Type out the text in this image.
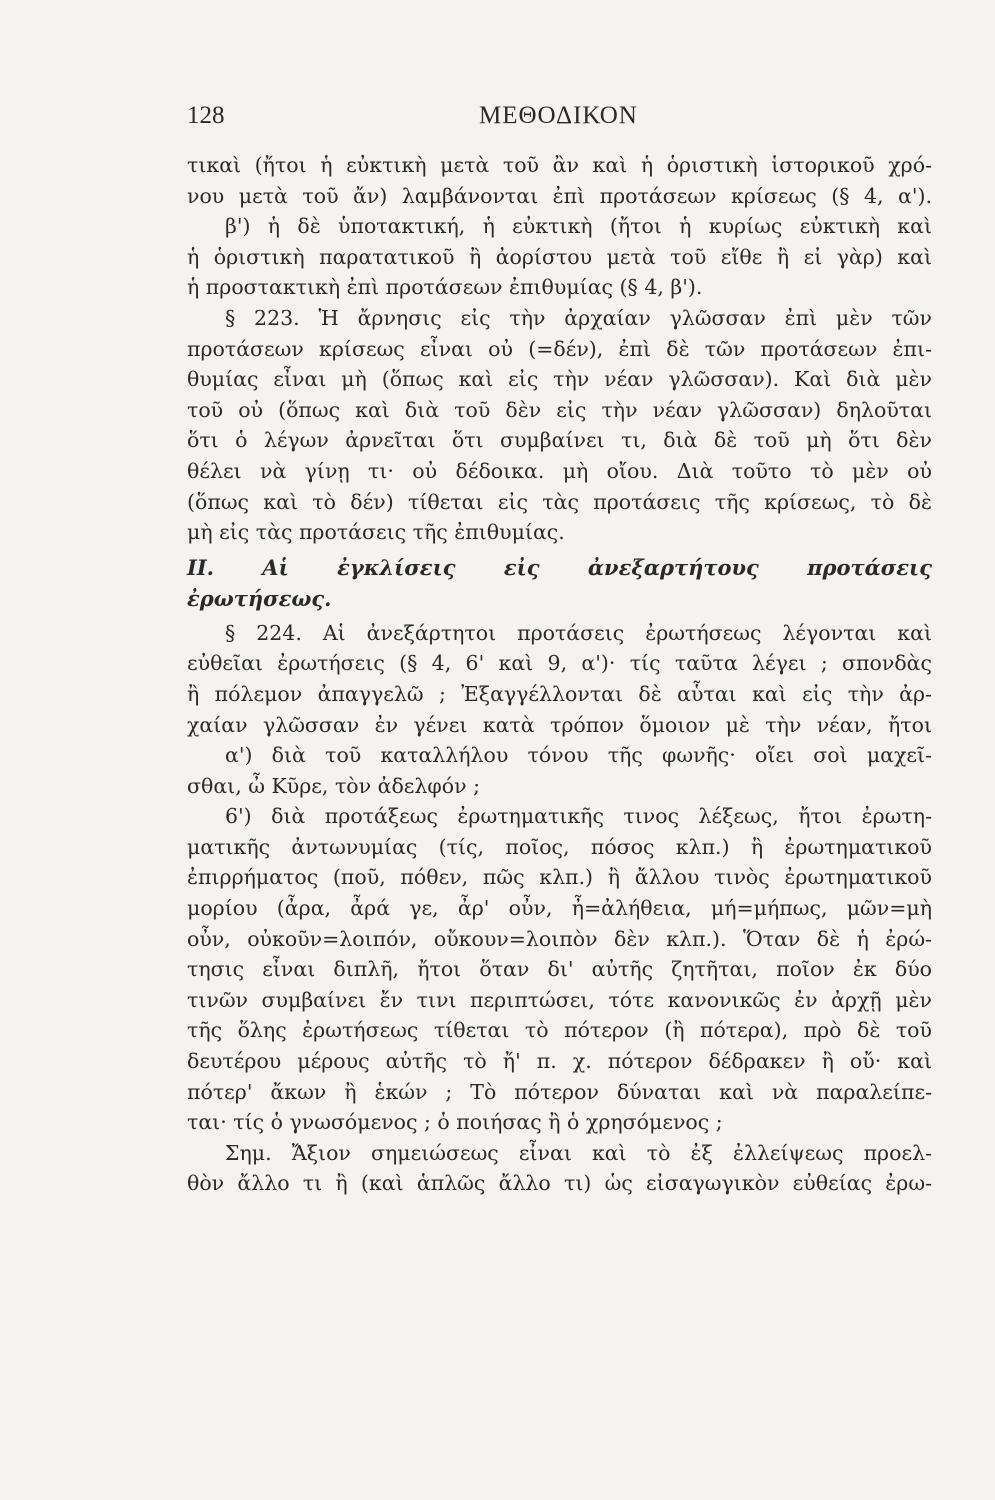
128	ΜΕΘΟΔΙΚΟΝ
τικαὶ (ἤτοι ἡ εὐκτικὴ μετὰ τοῦ ἂν καὶ ἡ ὁριστικὴ ἱστορικοῦ χρό-
νου μετὰ τοῦ ἄν) λαμβάνονται ἐπὶ προτάσεων κρίσεως (§ 4, α').
β') ἡ δὲ ὑποτακτική, ἡ εὐκτικὴ (ἤτοι ἡ κυρίως εὐκτικὴ καὶ
ἡ ὁριστικὴ παρατατικοῦ ἢ ἀορίστου μετὰ τοῦ εἴθε ἢ εἰ γὰρ) καὶ
ἡ προστακτικὴ ἐπὶ προτάσεων ἐπιθυμίας (§ 4, β').
§ 223. Ἡ ἄρνησις εἰς τὴν ἀρχαίαν γλῶσσαν ἐπὶ μὲν τῶν
προτάσεων κρίσεως εἶναι οὐ (=δέν), ἐπὶ δὲ τῶν προτάσεων ἐπι-
θυμίας εἶναι μὴ (ὅπως καὶ εἰς τὴν νέαν γλῶσσαν). Καὶ διὰ μὲν
τοῦ οὐ (ὅπως καὶ διὰ τοῦ δὲν εἰς τὴν νέαν γλῶσσαν) δηλοῦται
ὅτι ὁ λέγων ἀρνεῖται ὅτι συμβαίνει τι, διὰ δὲ τοῦ μὴ ὅτι δὲν
θέλει νὰ γίνῃ τι· οὐ δέδοικα. μὴ οἴου. Διὰ τοῦτο τὸ μὲν οὐ
(ὅπως καὶ τὸ δέν) τίθεται εἰς τὰς προτάσεις τῆς κρίσεως, τὸ δὲ
μὴ εἰς τὰς προτάσεις τῆς ἐπιθυμίας.
ΙΙ. Αἱ ἐγκλίσεις εἰς ἀνεξαρτήτους προτάσεις
ἐρωτήσεως.
§ 224. Αἱ ἀνεξάρτητοι προτάσεις ἐρωτήσεως λέγονται καὶ
εὐθεῖαι ἐρωτήσεις (§ 4, 6' καὶ 9, α')· τίς ταῦτα λέγει ; σπονδὰς
ἢ πόλεμον ἀπαγγελῶ ; Ἐξαγγέλλονται δὲ αὗται καὶ εἰς τὴν ἀρ-
χαίαν γλῶσσαν ἐν γένει κατὰ τρόπον ὅμοιον μὲ τὴν νέαν, ἤτοι
α') διὰ τοῦ καταλλήλου τόνου τῆς φωνῆς· οἴει σοὶ μαχεῖ-
σθαι, ὦ Κῦρε, τὸν ἀδελφόν ;
6') διὰ προτάξεως ἐρωτηματικῆς τινος λέξεως, ἤτοι ἐρωτη-
ματικῆς ἀντωνυμίας (τίς, ποῖος, πόσος κλπ.) ἢ ἐρωτηματικοῦ
ἐπιρρήματος (ποῦ, πόθεν, πῶς κλπ.) ἢ ἄλλου τινὸς ἐρωτηματικοῦ
μορίου (ἆρα, ἆρά γε, ἆρ' οὖν, ἦ=ἀλήθεια, μή=μήπως, μῶν=μὴ
οὖν, οὐκοῦν=λοιπόν, οὔκουν=λοιπὸν δὲν κλπ.). Ὅταν δὲ ἡ ἐρώ-
τησις εἶναι διπλῆ, ἤτοι ὅταν δι' αὐτῆς ζητῆται, ποῖον ἐκ δύο
τινῶν συμβαίνει ἔν τινι περιπτώσει, τότε κανονικῶς ἐν ἀρχῇ μὲν
τῆς ὅλης ἐρωτήσεως τίθεται τὸ πότερον (ἢ πότερα), πρὸ δὲ τοῦ
δευτέρου μέρους αὐτῆς τὸ ἤ' π. χ. πότερον δέδρακεν ἢ οὔ· καὶ
πότερ' ἄκων ἢ ἑκών ; Τὸ πότερον δύναται καὶ νὰ παραλείπε-
ται· τίς ὁ γνωσόμενος ; ὁ ποιήσας ἢ ὁ χρησόμενος ;
Σημ. Ἄξιον σημειώσεως εἶναι καὶ τὸ ἐξ ἐλλείψεως προελ-
θὸν ἄλλο τι ἢ (καὶ ἁπλῶς ἄλλο τι) ὡς εἰσαγωγικὸν εὐθείας ἐρω-
